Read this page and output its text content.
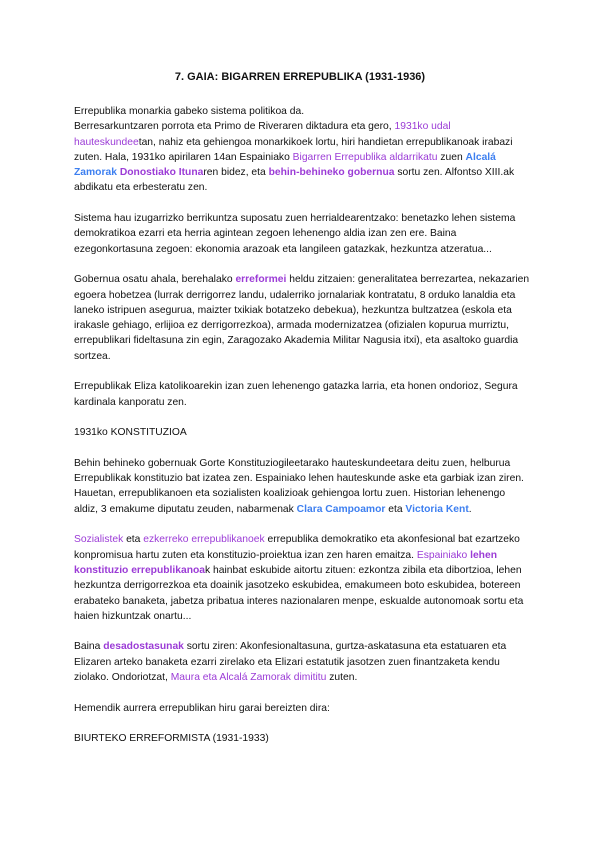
7. GAIA: BIGARREN ERREPUBLIKA (1931-1936)

Errepublika monarkia gabeko sistema politikoa da.
Berresarkuntzaren porrota eta Primo de Riveraren diktadura eta gero, 1931ko udal hauteskundeetan, nahiz eta gehiengoa monarkikoek lortu, hiri handietan errepublikanoak irabazi zuten. Hala, 1931ko apirilaren 14an Espainiako Bigarren Errepublika aldarrikatu zuen Alcalá Zamorak Donostiako Itunaren bidez, eta behin-behineko gobernua sortu zen. Alfontso XIII.ak abdikatu eta erbesteratu zen.

Sistema hau izugarrizko berrikuntza suposatu zuen herrialdearentzako: benetazko lehen sistema demokratikoa ezarri eta herria agintean zegoen lehenengo aldia izan zen ere. Baina ezegonkortasuna zegoen: ekonomia arazoak eta langileen gatazkak, hezkuntza atzeratua...

Gobernua osatu ahala, berehalako erreformei heldu zitzaien: generalitatea berrezartea, nekazarien egoera hobetzea (lurrak derrigorrez landu, udalerriko jornalariak kontratatu, 8 orduko lanaldia eta laneko istripuen asegurua, maizter txikiak botatzeko debekua), hezkuntza bultzatzea (eskola eta irakasle gehiago, erlijioa ez derrigorrezkoa), armada modernizatzea (ofizialen kopurua murriztu, errepublikari fideltasuna zin egin, Zaragozako Akademia Militar Nagusia itxi), eta asaltoko guardia sortzea.

Errepublikak Eliza katolikoarekin izan zuen lehenengo gatazka larria, eta honen ondorioz, Segura kardinala kanporatu zen.

1931ko KONSTITUZIOA

Behin behineko gobernuak Gorte Konstituziogileetarako hauteskundeetara deitu zuen, helburua Errepublikak konstituzio bat izatea zen. Espainiako lehen hauteskunde aske eta garbiak izan ziren. Hauetan, errepublikanoen eta sozialisten koalizioak gehiengoa lortu zuen. Historian lehenengo aldiz, 3 emakume diputatu zeuden, nabarmenak Clara Campoamor eta Victoria Kent.

Sozialistek eta ezkerreko errepublikanoek errepublika demokratiko eta akonfesional bat ezartzeko konpromisua hartu zuten eta konstituzio-proiektua izan zen haren emaitza. Espainiako lehen konstituzio errepublikanoak hainbat eskubide aitortu zituen: ezkontza zibila eta dibortzioa, lehen hezkuntza derrigorrezkoa eta doainik jasotzeko eskubidea, emakumeen boto eskubidea, botereen erabateko banaketa, jabetza pribatua interes nazionalaren menpe, eskualde autonomoak sortu eta haien hizkuntzak onartu...

Baina desadostasunak sortu ziren: Akonfesionaltasuna, gurtza-askatasuna eta estatuaren eta Elizaren arteko banaketa ezarri zirelako eta Elizari estatutik jasotzen zuen finantzaketa kendu ziolako. Ondoriotzat, Maura eta Alcalá Zamorak dimititu zuten.

Hemendik aurrera errepublikan hiru garai bereizten dira:

BIURTEKO ERREFORMISTA (1931-1933)
